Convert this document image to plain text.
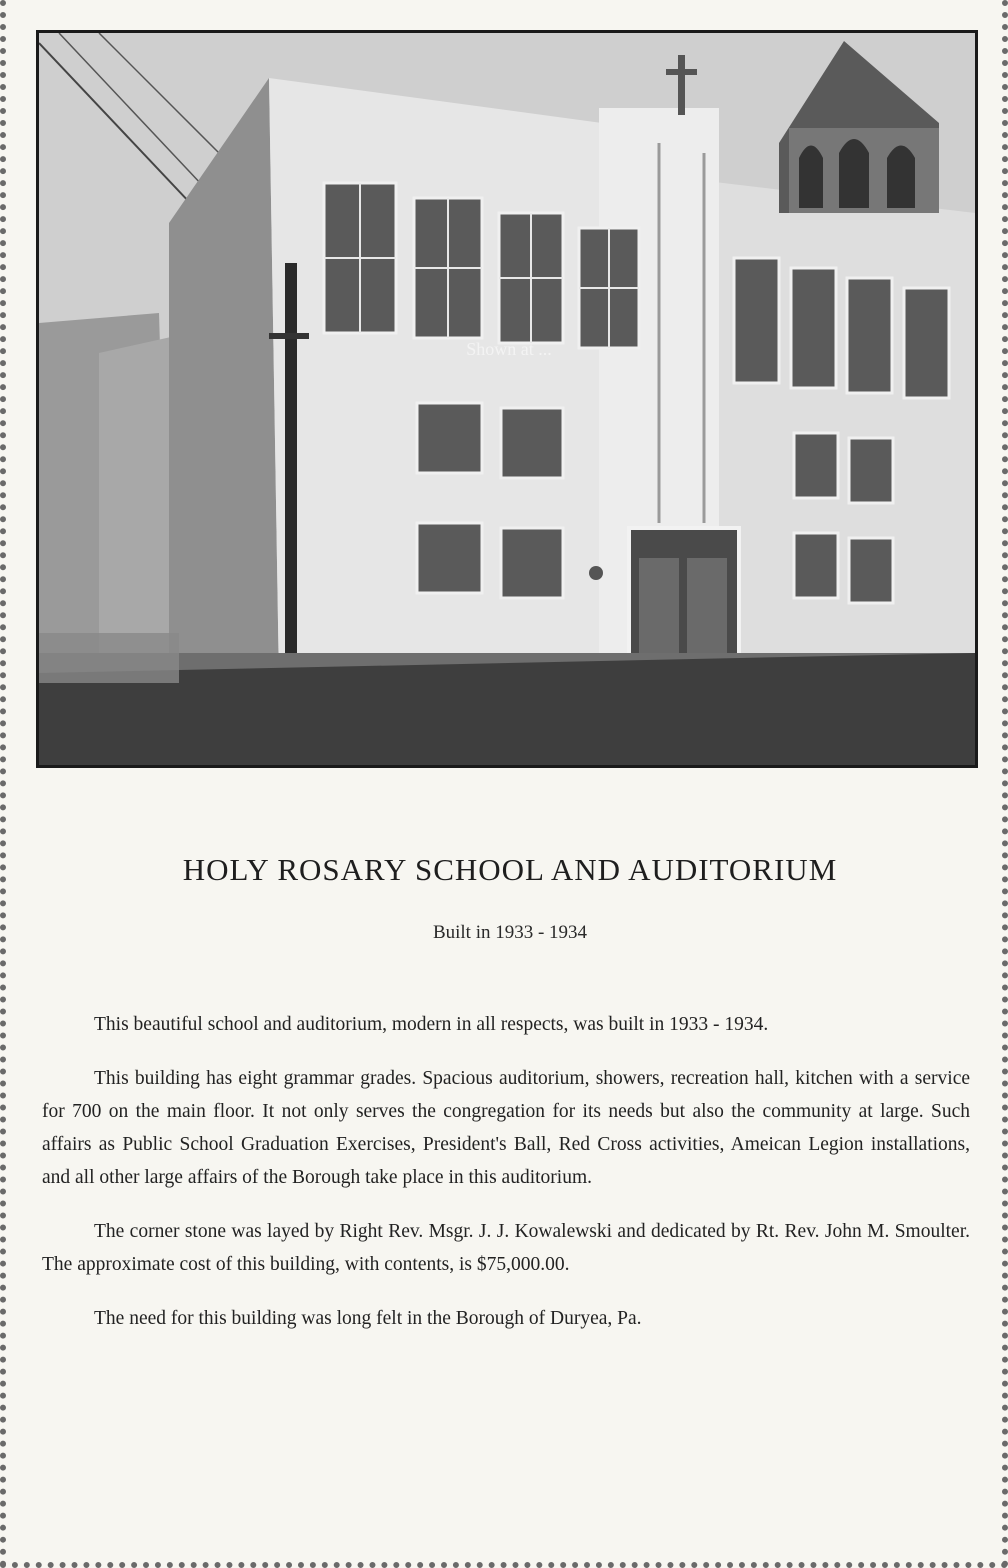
Shown at ...
HOLY ROSARY SCHOOL AND AUDITORIUM
Built in 1933 - 1934

This beautiful school and auditorium, modern in all respects, was built in 1933 - 1934.

This building has eight grammar grades. Spacious auditorium, showers, recreation hall, kitchen with a service for 700 on the main floor. It not only serves the congregation for its needs but also the community at large. Such affairs as Public School Graduation Exercises, President's Ball, Red Cross activities, Ameican Legion installations, and all other large affairs of the Borough take place in this auditorium.

The corner stone was layed by Right Rev. Msgr. J. J. Kowalewski and dedicated by Rt. Rev. John M. Smoulter. The approximate cost of this building, with contents, is $75,000.00.

The need for this building was long felt in the Borough of Duryea, Pa.
